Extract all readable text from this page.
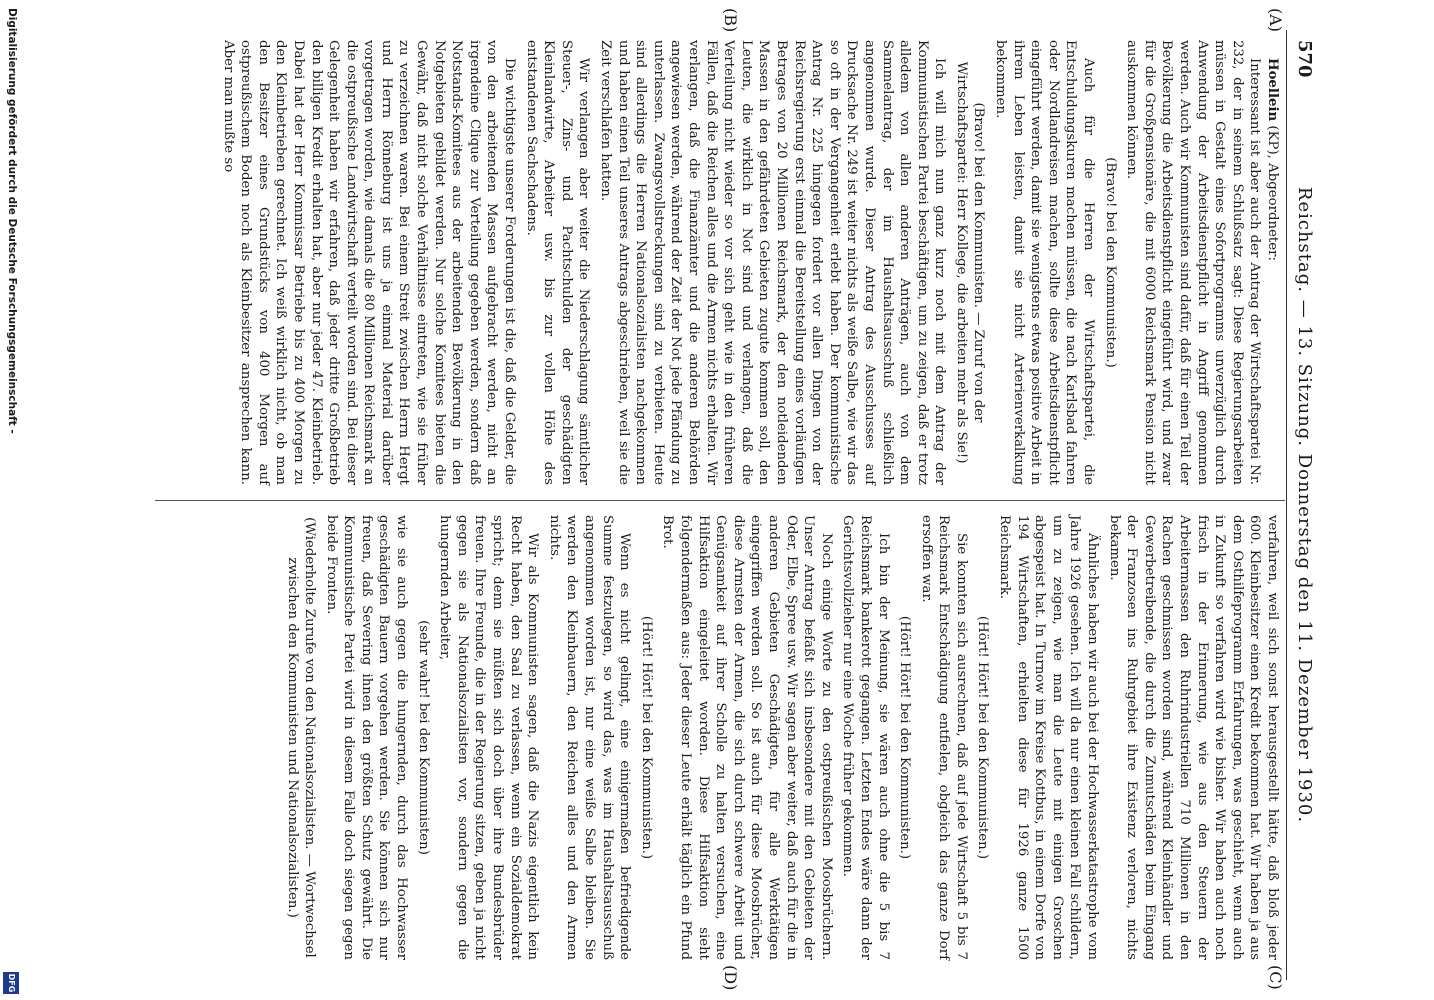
570
Reichstag. — 13. Sitzung. Donnerstag den 11. Dezember 1930.
(A)
(B)
(C)
(D)

Hoellein (KP), Abgeordneter:

Interessant ist aber auch der Antrag der Wirtschaftspartei Nr. 232, der in seinem Schlußsatz sagt: Diese Regierungsarbeiten müssen in Gestalt eines Sofortprogramms unverzüglich durch Anwendung der Arbeitsdienstpflicht in Angriff genommen werden. Auch wir Kommunisten sind dafür, daß für einen Teil der Bevölkerung die Arbeitsdienstpflicht eingeführt wird, und zwar für die Großpensionäre, die mit 6000 Reichsmark Pension nicht auskommen können.

(Bravo! bei den Kommunisten.)

Auch für die Herren der Wirtschaftspartei, die Entschuldungskuren machen müssen, die nach Karlsbad fahren oder Nordlandreisen machen, sollte diese Arbeitsdienstpflicht eingeführt werden, damit sie wenigstens etwas positive Arbeit in ihrem Leben leisten, damit sie nicht Arterienverkalkung bekommen.

(Bravo! bei den Kommunisten. — Zuruf von der Wirtschaftspartei: Herr Kollege, die arbeiten mehr als Sie!)

Ich will mich nun ganz kurz noch mit dem Antrag der Kommunistischen Partei beschäftigen, um zu zeigen, daß er trotz alledem von allen anderen Anträgen, auch von dem Sammelantrag, der im Haushaltsausschuß schließlich angenommen wurde. Dieser Antrag des Ausschusses auf Drucksache Nr. 249 ist weiter nichts als weiße Salbe, wie wir das so oft in der Vergangenheit erlebt haben. Der kommunistische Antrag Nr. 225 hingegen fordert vor allen Dingen von der Reichsregierung erst einmal die Bereitstellung eines vorläufigen Betrages von 20 Millionen Reichsmark, der den notleidenden Massen in den gefährdeten Gebieten zugute kommen soll, den Leuten, die wirklich in Not sind und verlangen, daß die Verteilung nicht wieder so vor sich geht wie in den früheren Fällen, daß die Reichen alles und die Armen nichts erhalten. Wir verlangen, daß die Finanzämter und die anderen Behörden angewiesen werden, während der Zeit der Not jede Pfändung zu unterlassen. Zwangsvollstreckungen sind zu verbieten. Heute sind allerdings die Herren Nationalsozialisten nachgekommen und haben einen Teil unseres Antrags abgeschrieben, weil sie die Zeit verschlafen hatten.

Wir verlangen aber weiter die Niederschlagung sämtlicher Steuer-, Zins- und Pachtschulden der geschädigten Kleinlandwirte, Arbeiter usw. bis zur vollen Höhe des entstandenen Sachschadens.

Die wichtigste unserer Forderungen ist die, daß die Gelder, die von den arbeitenden Massen aufgebracht werden, nicht an irgendeine Clique zur Verteilung gegeben werden, sondern daß Notstands-Komitees aus der arbeitenden Bevölkerung in den Notgebieten gebildet werden. Nur solche Komitees bieten die Gewähr, daß nicht solche Verhältnisse eintreten, wie sie früher zu verzeichnen waren. Bei einem Streit zwischen Herrn Hergt und Herrn Rönneburg ist uns ja einmal Material darüber vorgetragen worden, wie damals die 80 Millionen Reichsmark an die ostpreußische Landwirtschaft verteilt worden sind. Bei dieser Gelegenheit haben wir erfahren, daß jeder dritte Großbetrieb den billigen Kredit erhalten hat, aber nur jeder 47. Kleinbetrieb. Dabei hat der Herr Kommissar Betriebe bis zu 400 Morgen zu den Kleinbetrieben gerechnet. Ich weiß wirklich nicht, ob man den Besitzer eines Grundstücks von 400 Morgen auf ostpreußischem Boden noch als Kleinbesitzer ansprechen kann. Aber man mußte so

verfahren, weil sich sonst herausgestellt hätte, daß bloß jeder 600. Kleinbesitzer einen Kredit bekommen hat. Wir haben ja aus dem Osthilfeprogramm Erfahrungen, was geschieht, wenn auch in Zukunft so verfahren wird wie bisher. Wir haben auch noch frisch in der Erinnerung, wie aus den Steuern der Arbeitermassen den Ruhrindustriellen 710 Millionen in den Rachen geschmissen worden sind, während Kleinhändler und Gewerbetreibende, die durch die Zumutschäden beim Eingang der Franzosen ins Ruhrgebiet ihre Existenz verloren, nichts bekamen.

Ähnliches haben wir auch bei der Hochwasserkatastrophe vom Jahre 1926 gesehen. Ich will da nur einen kleinen Fall schildern, um zu zeigen, wie man die Leute mit einigen Groschen abgespeist hat. In Turnow im Kreise Kottbus, in einem Dorfe von 194 Wirtschaften, erhielten diese für 1926 ganze 1500 Reichsmark.

(Hört! Hört! bei den Kommunisten.)

Sie konnten sich ausrechnen, daß auf jede Wirtschaft 5 bis 7 Reichsmark Entschädigung entfielen, obgleich das ganze Dorf ersoffen war.

(Hört! Hört! bei den Kommunisten.)

Ich bin der Meinung, sie wären auch ohne die 5 bis 7 Reichsmark bankerott gegangen. Letzten Endes wäre dann der Gerichtsvollzieher nur eine Woche früher gekommen.

Noch einige Worte zu den ostpreußischen Moosbrüchern. Unser Antrag befaßt sich insbesondere mit den Gebieten der Oder, Elbe, Spree usw. Wir sagen aber weiter, daß auch für die in anderen Gebieten Geschädigten, für alle Werktätigen eingegriffen werden soll. So ist auch für diese Moosbrücher, diese Armsten der Armen, die sich durch schwere Arbeit und Genügsamkeit auf ihrer Scholle zu halten versuchen, eine Hilfsaktion eingeleitet worden. Diese Hilfsaktion sieht folgendermaßen aus: Jeder dieser Leute erhält täglich ein Pfund Brot.

(Hört! Hört! bei den Kommunisten.)

Wenn es nicht gelingt, eine einigermaßen befriedigende Summe festzulegen, so wird das, was im Haushaltsausschuß angenommen worden ist, nur eine weiße Salbe bleiben. Sie werden den Kleinbauern, den Reichen alles und den Armen nichts.

Wir als Kommunisten sagen, daß die Nazis eigentlich kein Recht haben, den Saal zu verlassen, wenn ein Sozialdemokrat spricht; denn sie müßten sich doch über ihre Bundesbrüder freuen. Ihre Freunde, die in der Regierung sitzen, geben ja nicht gegen sie als Nationalsozialisten vor, sondern gegen die hungernden Arbeiter,

(sehr wahr! bei den Kommunisten)

wie sie auch gegen die hungernden, durch das Hochwasser geschädigten Bauern vorgehen werden. Sie können sich nur freuen, daß Severing ihnen den größten Schutz gewährt. Die Kommunistische Partei wird in diesem Falle doch siegen gegen beide Fronten.

(Wiederholte Zurufe von den Nationalsozialisten. — Wortwechsel zwischen den Kommunisten und Nationalsozialisten.)

Digitalisierung gefördert durch die Deutsche Forschungsgemeinschaft -
DFG
